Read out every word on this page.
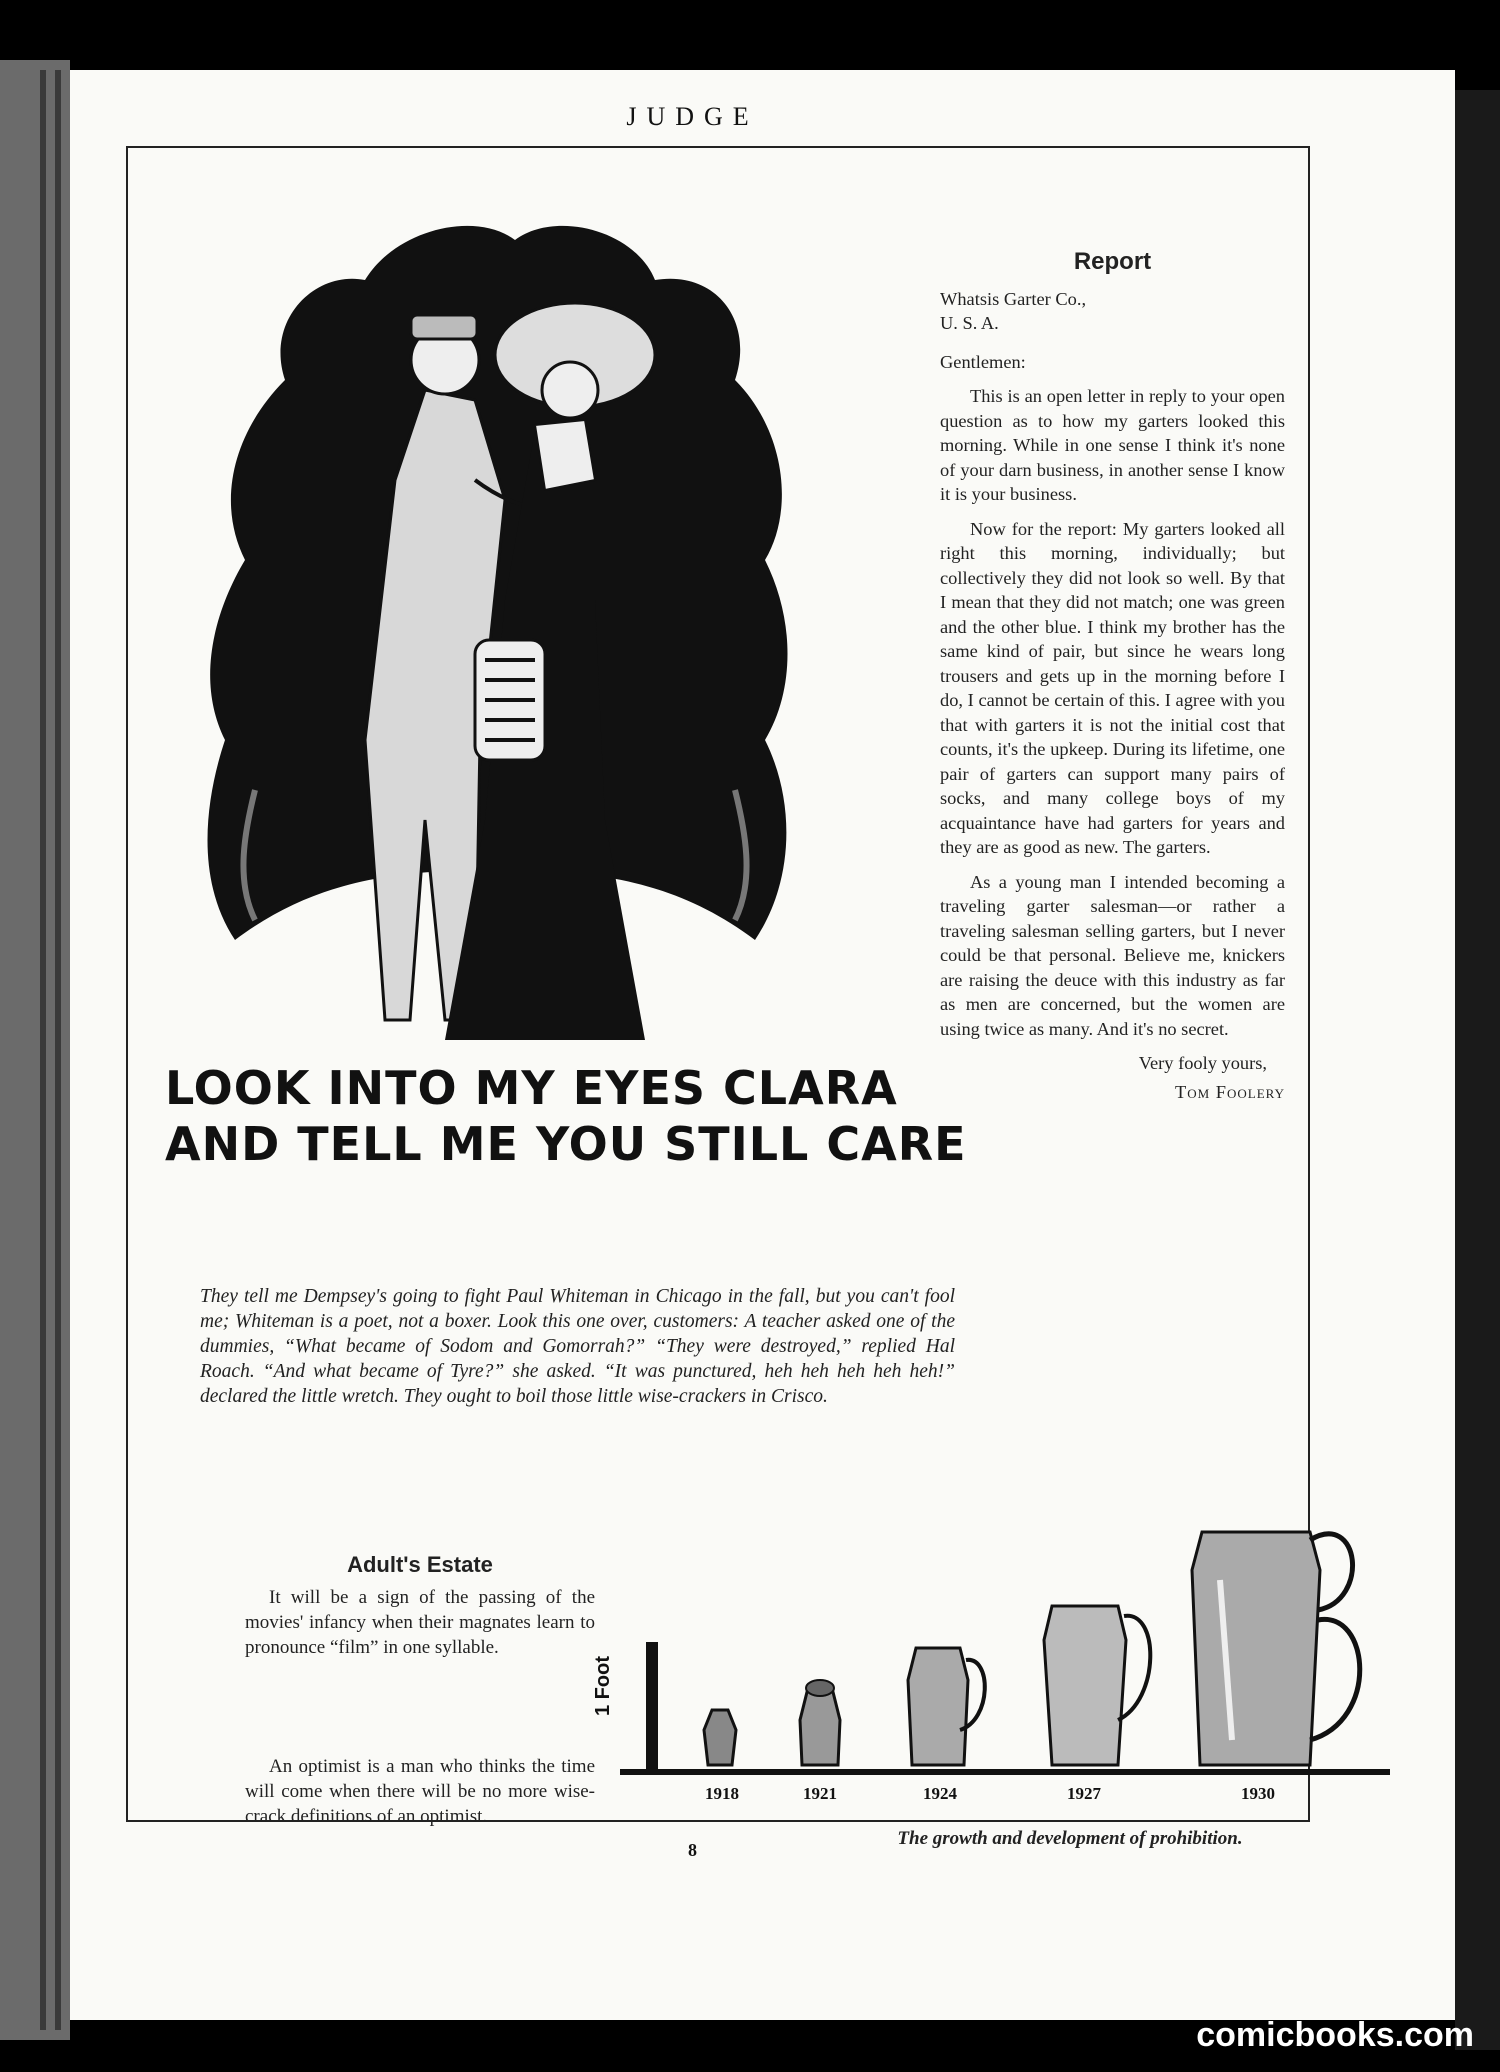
JUDGE
LOOK INTO MY EYES CLARA
AND TELL ME YOU STILL CARE
They tell me Dempsey's going to fight Paul Whiteman in Chicago in the fall, but you can't fool me; Whiteman is a poet, not a boxer. Look this one over, customers: A teacher asked one of the dummies, “What became of Sodom and Gomorrah?” “They were destroyed,” replied Hal Roach. “And what became of Tyre?” she asked. “It was punctured, heh heh heh heh heh!” declared the little wretch. They ought to boil those little wise-crackers in Crisco.
Report
Whatsis Garter Co.,
U. S. A.
Gentlemen:

This is an open letter in reply to your open question as to how my garters looked this morning. While in one sense I think it's none of your darn business, in another sense I know it is your business.

Now for the report: My garters looked all right this morning, individually; but collectively they did not look so well. By that I mean that they did not match; one was green and the other blue. I think my brother has the same kind of pair, but since he wears long trousers and gets up in the morning before I do, I cannot be certain of this. I agree with you that with garters it is not the initial cost that counts, it's the upkeep. During its lifetime, one pair of garters can support many pairs of socks, and many college boys of my acquaintance have had garters for years and they are as good as new. The garters.

As a young man I intended becoming a traveling garter salesman—or rather a traveling salesman selling garters, but I never could be that personal. Believe me, knickers are raising the deuce with this industry as far as men are concerned, but the women are using twice as many. And it's no secret.

Very fooly yours,
Tom Foolery
Adult's Estate

It will be a sign of the passing of the movies' infancy when their magnates learn to pronounce “film” in one syllable.

An optimist is a man who thinks the time will come when there will be no more wise-crack definitions of an optimist.
1 Foot
1918	1921	1924	1927	1930
The growth and development of prohibition.
8
comicbooks.com
